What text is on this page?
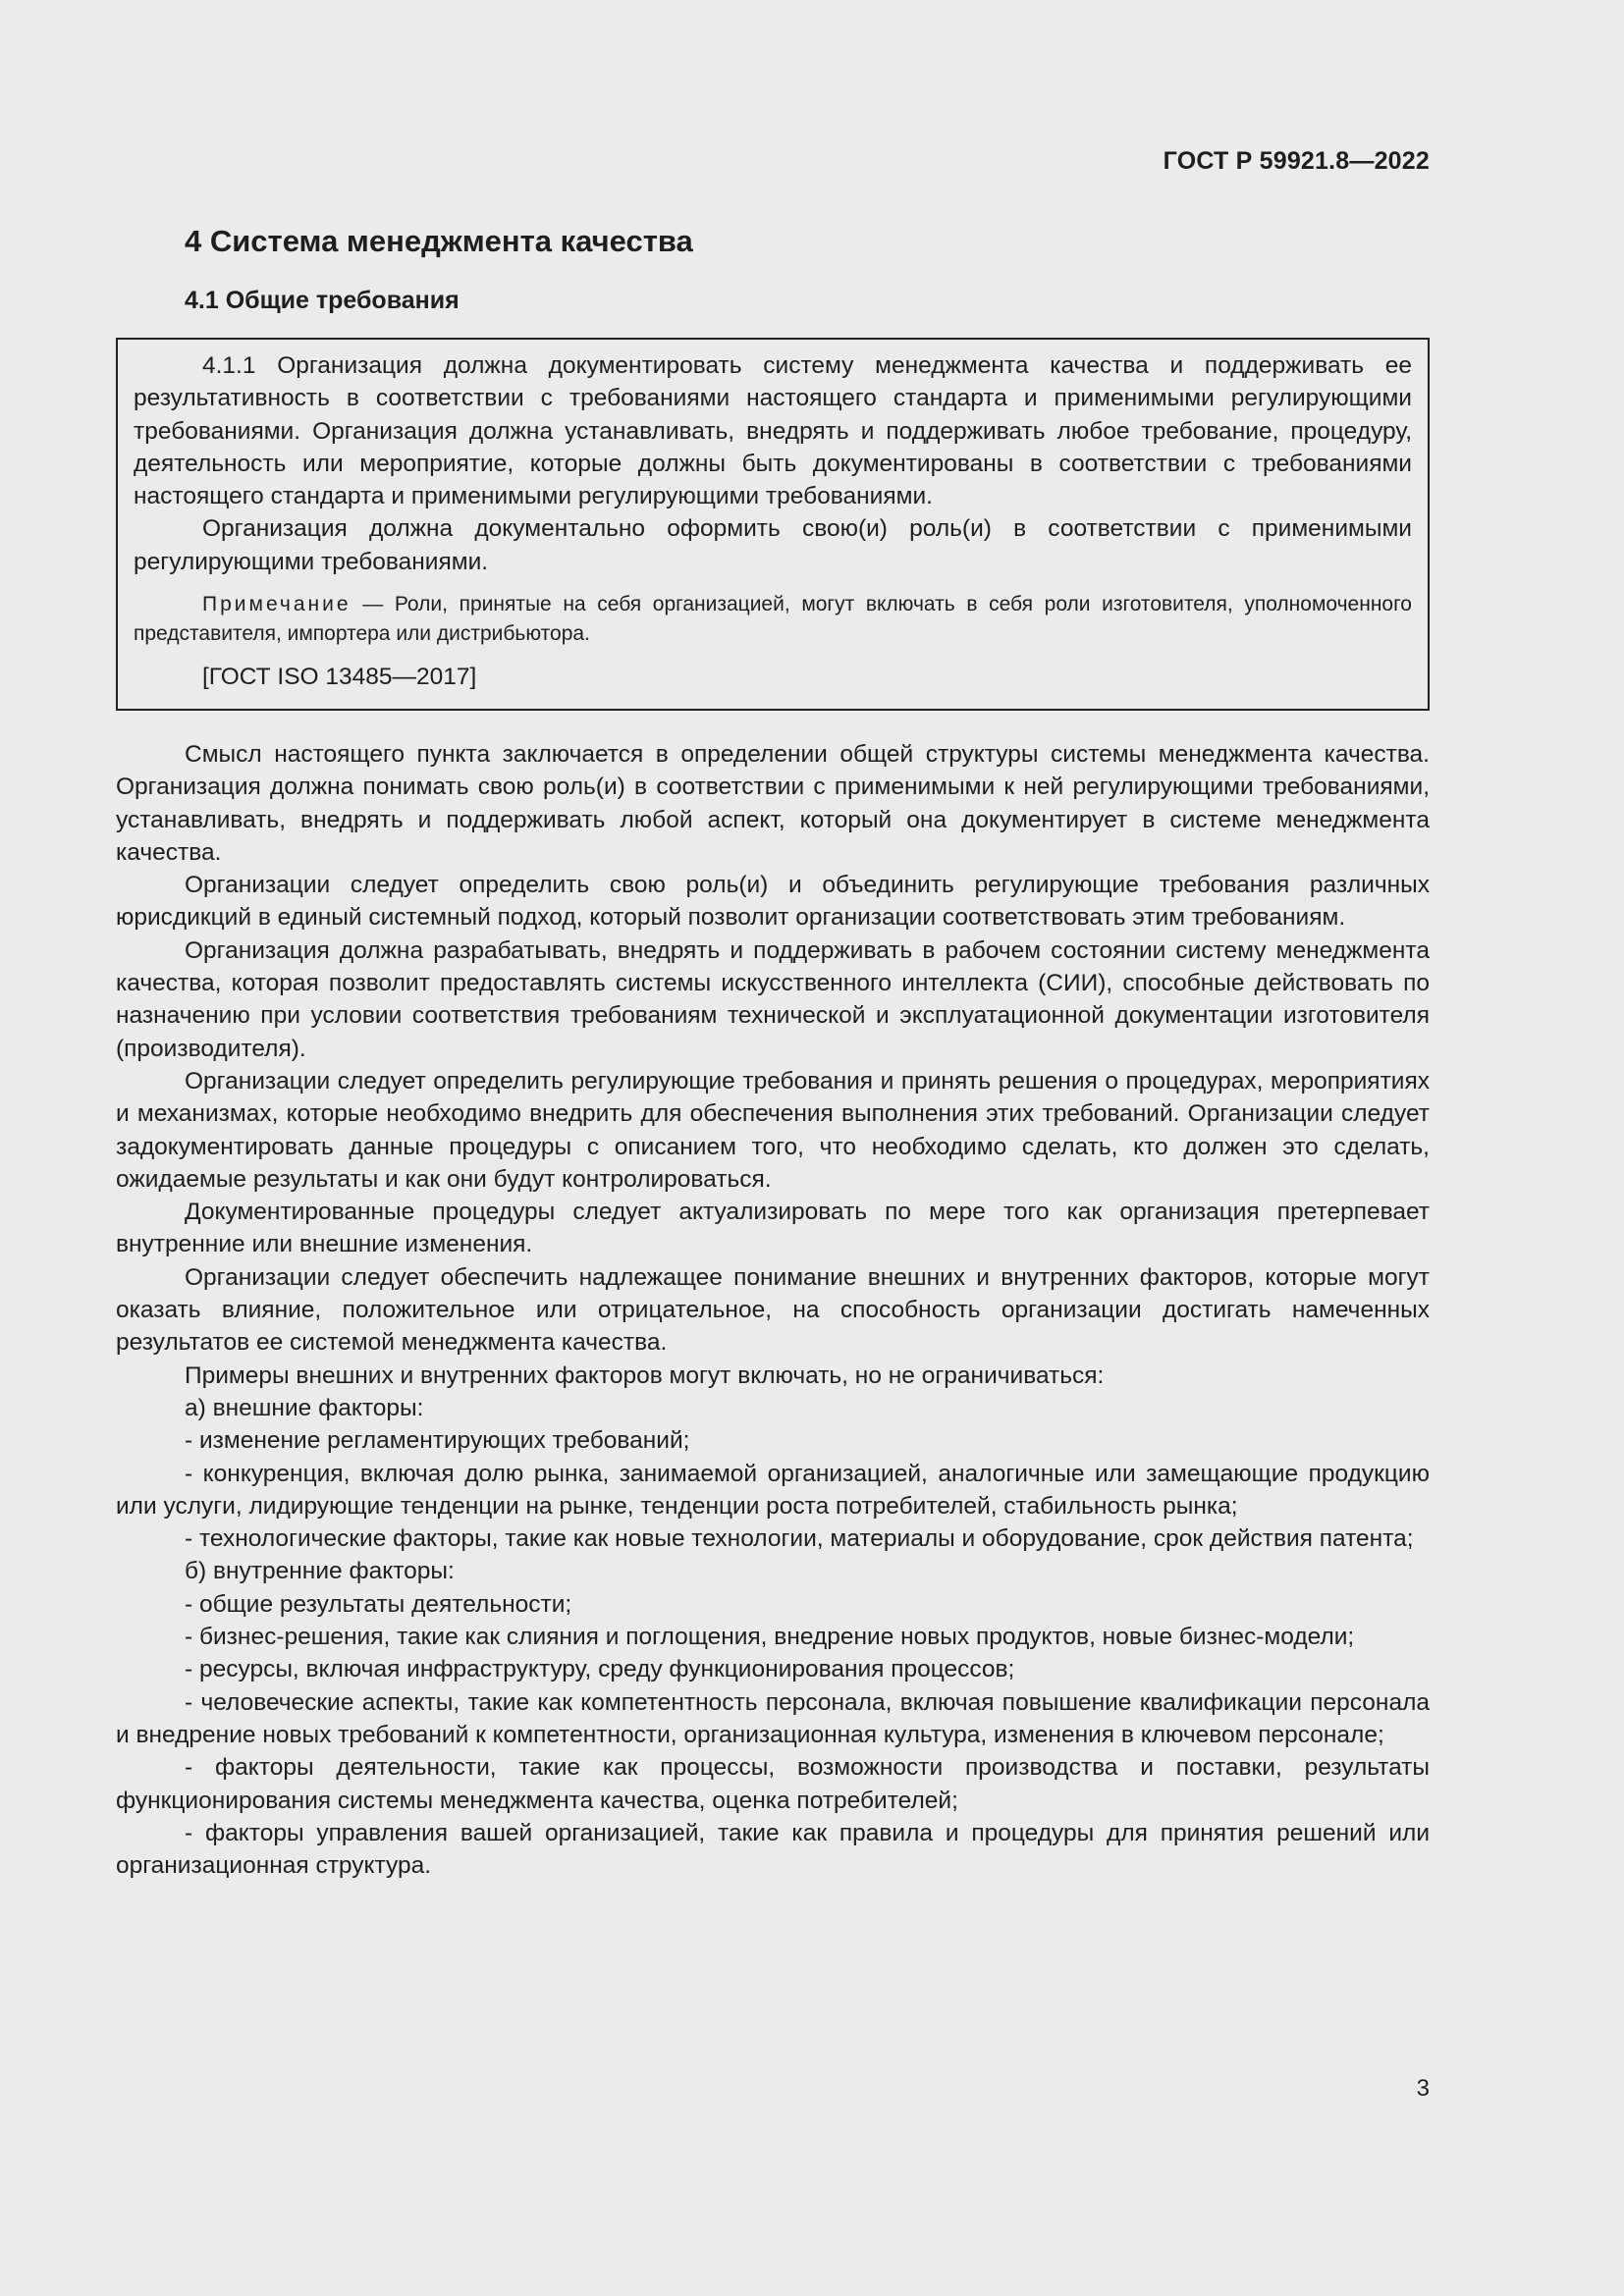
ГОСТ Р 59921.8—2022
4 Система менеджмента качества
4.1 Общие требования

4.1.1 Организация должна документировать систему менеджмента качества и поддерживать ее результативность в соответствии с требованиями настоящего стандарта и применимыми регулирующими требованиями. Организация должна устанавливать, внедрять и поддерживать любое требование, процедуру, деятельность или мероприятие, которые должны быть документированы в соответствии с требованиями настоящего стандарта и применимыми регулирующими требованиями.

Организация должна документально оформить свою(и) роль(и) в соответствии с применимыми регулирующими требованиями.

Примечание — Роли, принятые на себя организацией, могут включать в себя роли изготовителя, уполномоченного представителя, импортера или дистрибьютора.

[ГОСТ ISO 13485—2017]

Смысл настоящего пункта заключается в определении общей структуры системы менеджмента качества. Организация должна понимать свою роль(и) в соответствии с применимыми к ней регулирующими требованиями, устанавливать, внедрять и поддерживать любой аспект, который она документирует в системе менеджмента качества.

Организации следует определить свою роль(и) и объединить регулирующие требования различных юрисдикций в единый системный подход, который позволит организации соответствовать этим требованиям.

Организация должна разрабатывать, внедрять и поддерживать в рабочем состоянии систему менеджмента качества, которая позволит предоставлять системы искусственного интеллекта (СИИ), способные действовать по назначению при условии соответствия требованиям технической и эксплуатационной документации изготовителя (производителя).

Организации следует определить регулирующие требования и принять решения о процедурах, мероприятиях и механизмах, которые необходимо внедрить для обеспечения выполнения этих требований. Организации следует задокументировать данные процедуры с описанием того, что необходимо сделать, кто должен это сделать, ожидаемые результаты и как они будут контролироваться.

Документированные процедуры следует актуализировать по мере того как организация претерпевает внутренние или внешние изменения.

Организации следует обеспечить надлежащее понимание внешних и внутренних факторов, которые могут оказать влияние, положительное или отрицательное, на способность организации достигать намеченных результатов ее системой менеджмента качества.

Примеры внешних и внутренних факторов могут включать, но не ограничиваться:

а) внешние факторы:

- изменение регламентирующих требований;

- конкуренция, включая долю рынка, занимаемой организацией, аналогичные или замещающие продукцию или услуги, лидирующие тенденции на рынке, тенденции роста потребителей, стабильность рынка;

- технологические факторы, такие как новые технологии, материалы и оборудование, срок действия патента;

б) внутренние факторы:

- общие результаты деятельности;

- бизнес-решения, такие как слияния и поглощения, внедрение новых продуктов, новые бизнес-модели;

- ресурсы, включая инфраструктуру, среду функционирования процессов;

- человеческие аспекты, такие как компетентность персонала, включая повышение квалификации персонала и внедрение новых требований к компетентности, организационная культура, изменения в ключевом персонале;

- факторы деятельности, такие как процессы, возможности производства и поставки, результаты функционирования системы менеджмента качества, оценка потребителей;

- факторы управления вашей организацией, такие как правила и процедуры для принятия решений или организационная структура.

3
